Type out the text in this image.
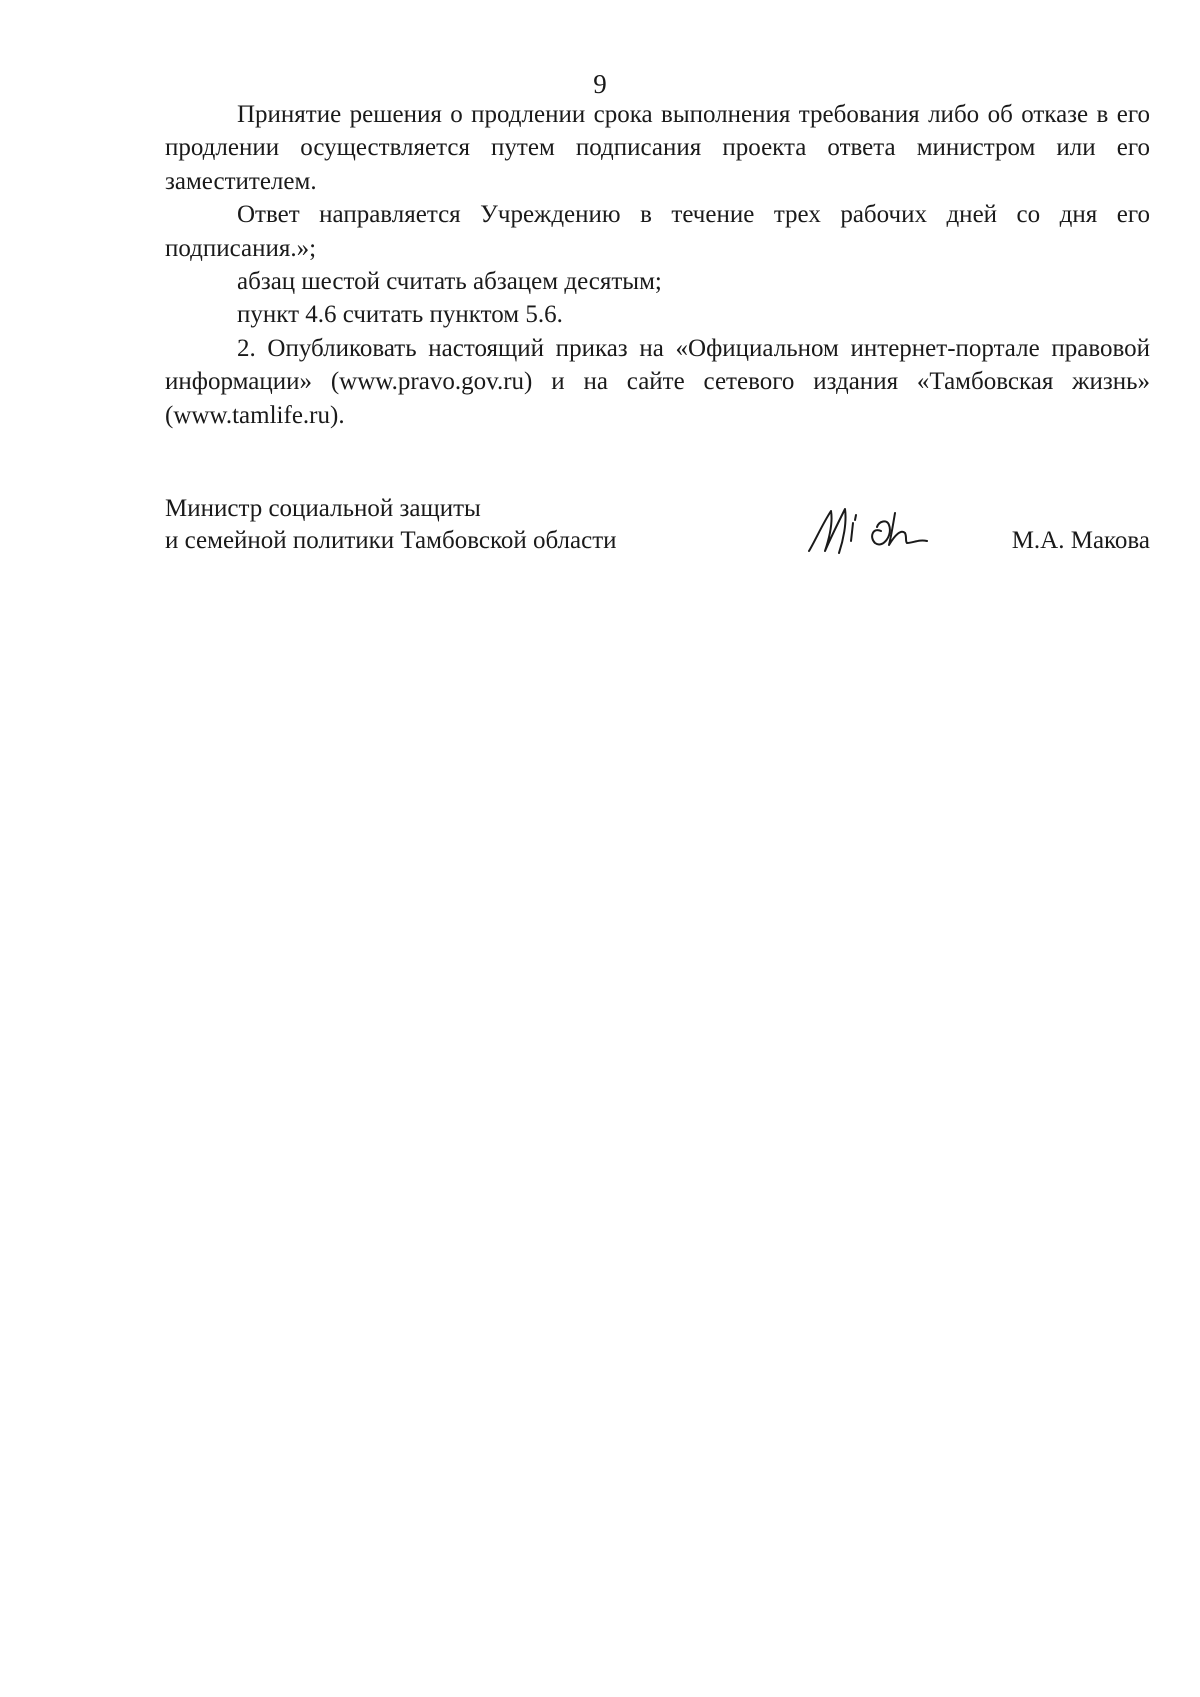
9

Принятие решения о продлении срока выполнения требования либо об отказе в его продлении осуществляется путем подписания проекта ответа министром или его заместителем.

Ответ направляется Учреждению в течение трех рабочих дней со дня его подписания.»;

абзац шестой считать абзацем десятым;

пункт 4.6 считать пунктом 5.6.

2. Опубликовать настоящий приказ на «Официальном интернет-портале правовой информации» (www.pravo.gov.ru) и на сайте сетевого издания «Тамбовская жизнь» (www.tamlife.ru).

Министр социальной защиты
и семейной политики Тамбовской области	М.А. Макова
